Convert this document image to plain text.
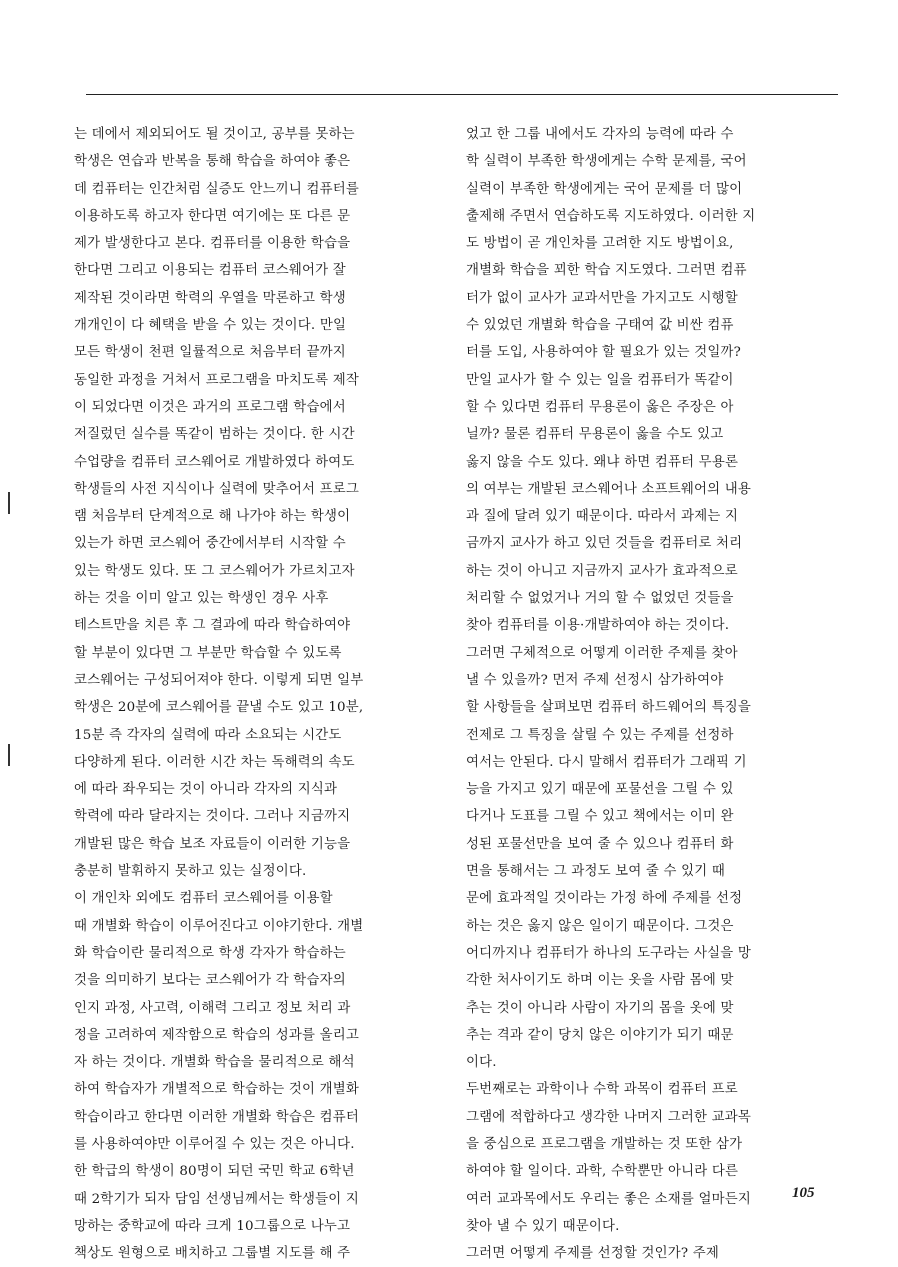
는 데에서 제외되어도 될 것이고, 공부를 못하는
학생은 연습과 반복을 통해 학습을 하여야 좋은
데 컴퓨터는 인간처럼 실증도 안느끼니 컴퓨터를
이용하도록 하고자 한다면 여기에는 또 다른 문
제가 발생한다고 본다. 컴퓨터를 이용한 학습을
한다면 그리고 이용되는 컴퓨터 코스웨어가 잘
제작된 것이라면 학력의 우열을 막론하고 학생
개개인이 다 혜택을 받을 수 있는 것이다. 만일
모든 학생이 천편 일률적으로 처음부터 끝까지
동일한 과정을 거쳐서 프로그램을 마치도록 제작
이 되었다면 이것은 과거의 프로그램 학습에서
저질렀던 실수를 똑같이 범하는 것이다. 한 시간
수업량을 컴퓨터 코스웨어로 개발하였다 하여도
학생들의 사전 지식이나 실력에 맞추어서 프로그
램 처음부터 단계적으로 해 나가야 하는 학생이
있는가 하면 코스웨어 중간에서부터 시작할 수
있는 학생도 있다. 또 그 코스웨어가 가르치고자
하는 것을 이미 알고 있는 학생인 경우 사후
테스트만을 치른 후 그 결과에 따라 학습하여야
할 부분이 있다면 그 부분만 학습할 수 있도록
코스웨어는 구성되어져야 한다. 이렇게 되면 일부
학생은 20분에 코스웨어를 끝낼 수도 있고 10분,
15분 즉 각자의 실력에 따라 소요되는 시간도
다양하게 된다. 이러한 시간 차는 독해력의 속도
에 따라 좌우되는 것이 아니라 각자의 지식과
학력에 따라 달라지는 것이다. 그러나 지금까지
개발된 많은 학습 보조 자료들이 이러한 기능을
충분히 발휘하지 못하고 있는 실정이다.
이 개인차 외에도 컴퓨터 코스웨어를 이용할
때 개별화 학습이 이루어진다고 이야기한다. 개별
화 학습이란 물리적으로 학생 각자가 학습하는
것을 의미하기 보다는 코스웨어가 각 학습자의
인지 과정, 사고력, 이해력 그리고 정보 처리 과
정을 고려하여 제작함으로 학습의 성과를 올리고
자 하는 것이다. 개별화 학습을 물리적으로 해석
하여 학습자가 개별적으로 학습하는 것이 개별화
학습이라고 한다면 이러한 개별화 학습은 컴퓨터
를 사용하여야만 이루어질 수 있는 것은 아니다.
한 학급의 학생이 80명이 되던 국민 학교 6학년
때 2학기가 되자 담임 선생님께서는 학생들이 지
망하는 중학교에 따라 크게 10그룹으로 나누고
책상도 원형으로 배치하고 그룹별 지도를 해 주
었고 한 그룹 내에서도 각자의 능력에 따라 수
학 실력이 부족한 학생에게는 수학 문제를, 국어
실력이 부족한 학생에게는 국어 문제를 더 많이
출제해 주면서 연습하도록 지도하였다. 이러한 지
도 방법이 곧 개인차를 고려한 지도 방법이요,
개별화 학습을 꾀한 학습 지도였다. 그러면 컴퓨
터가 없이 교사가 교과서만을 가지고도 시행할
수 있었던 개별화 학습을 구태여 값 비싼 컴퓨
터를 도입, 사용하여야 할 필요가 있는 것일까?
만일 교사가 할 수 있는 일을 컴퓨터가 똑같이
할 수 있다면 컴퓨터 무용론이 옳은 주장은 아
닐까? 물론 컴퓨터 무용론이 옳을 수도 있고
옳지 않을 수도 있다. 왜냐 하면 컴퓨터 무용론
의 여부는 개발된 코스웨어나 소프트웨어의 내용
과 질에 달려 있기 때문이다. 따라서 과제는 지
금까지 교사가 하고 있던 것들을 컴퓨터로 처리
하는 것이 아니고 지금까지 교사가 효과적으로
처리할 수 없었거나 거의 할 수 없었던 것들을
찾아 컴퓨터를 이용·개발하여야 하는 것이다.
그러면 구체적으로 어떻게 이러한 주제를 찾아
낼 수 있을까? 먼저 주제 선정시 삼가하여야
할 사항들을 살펴보면 컴퓨터 하드웨어의 특징을
전제로 그 특징을 살릴 수 있는 주제를 선정하
여서는 안된다. 다시 말해서 컴퓨터가 그래픽 기
능을 가지고 있기 때문에 포물선을 그릴 수 있
다거나 도표를 그릴 수 있고 책에서는 이미 완
성된 포물선만을 보여 줄 수 있으나 컴퓨터 화
면을 통해서는 그 과정도 보여 줄 수 있기 때
문에 효과적일 것이라는 가정 하에 주제를 선정
하는 것은 옳지 않은 일이기 때문이다. 그것은
어디까지나 컴퓨터가 하나의 도구라는 사실을 망
각한 처사이기도 하며 이는 옷을 사람 몸에 맞
추는 것이 아니라 사람이 자기의 몸을 옷에 맞
추는 격과 같이 당치 않은 이야기가 되기 때문
이다.
두번째로는 과학이나 수학 과목이 컴퓨터 프로
그램에 적합하다고 생각한 나머지 그러한 교과목
을 중심으로 프로그램을 개발하는 것 또한 삼가
하여야 할 일이다. 과학, 수학뿐만 아니라 다른
여러 교과목에서도 우리는 좋은 소재를 얼마든지
찾아 낼 수 있기 때문이다.
그러면 어떻게 주제를 선정할 것인가? 주제
105
